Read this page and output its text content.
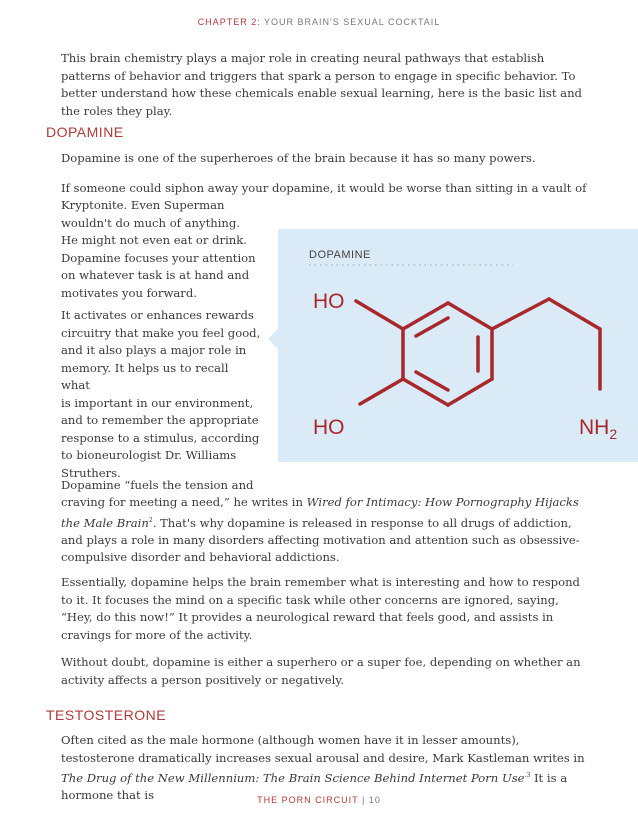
CHAPTER 2: YOUR BRAIN'S SEXUAL COCKTAIL

This brain chemistry plays a major role in creating neural pathways that establish patterns of behavior and triggers that spark a person to engage in specific behavior. To better understand how these chemicals enable sexual learning, here is the basic list and the roles they play.

DOPAMINE

Dopamine is one of the superheroes of the brain because it has so many powers.

If someone could siphon away your dopamine, it would be worse than sitting in a vault of

Kryptonite. Even Superman
wouldn't do much of anything.
He might not even eat or drink.
Dopamine focuses your attention
on whatever task is at hand and
motivates you forward.
It activates or enhances rewards
circuitry that make you feel good,
and it also plays a major role in
memory. It helps us to recall what
is important in our environment,
and to remember the appropriate
response to a stimulus, according
to bioneurologist Dr. Williams
Struthers.
DOPAMINE
HO
HO	$NH_2$

Dopamine “fuels the tension and

craving for meeting a need,” he writes in Wired for Intimacy: How Pornography Hijacks the Male Brain$^2$. That's why dopamine is released in response to all drugs of addiction, and plays a role in many disorders affecting motivation and attention such as obsessive-compulsive disorder and behavioral addictions.

Essentially, dopamine helps the brain remember what is interesting and how to respond to it. It focuses the mind on a specific task while other concerns are ignored, saying, “Hey, do this now!” It provides a neurological reward that feels good, and assists in cravings for more of the activity.

Without doubt, dopamine is either a superhero or a super foe, depending on whether an activity affects a person positively or negatively.

TESTOSTERONE

Often cited as the male hormone (although women have it in lesser amounts), testosterone dramatically increases sexual arousal and desire, Mark Kastleman writes in The Drug of the New Millennium: The Brain Science Behind Internet Porn Use$^{.3}$ It is a hormone that is	THE PORN CIRCUIT | 10
